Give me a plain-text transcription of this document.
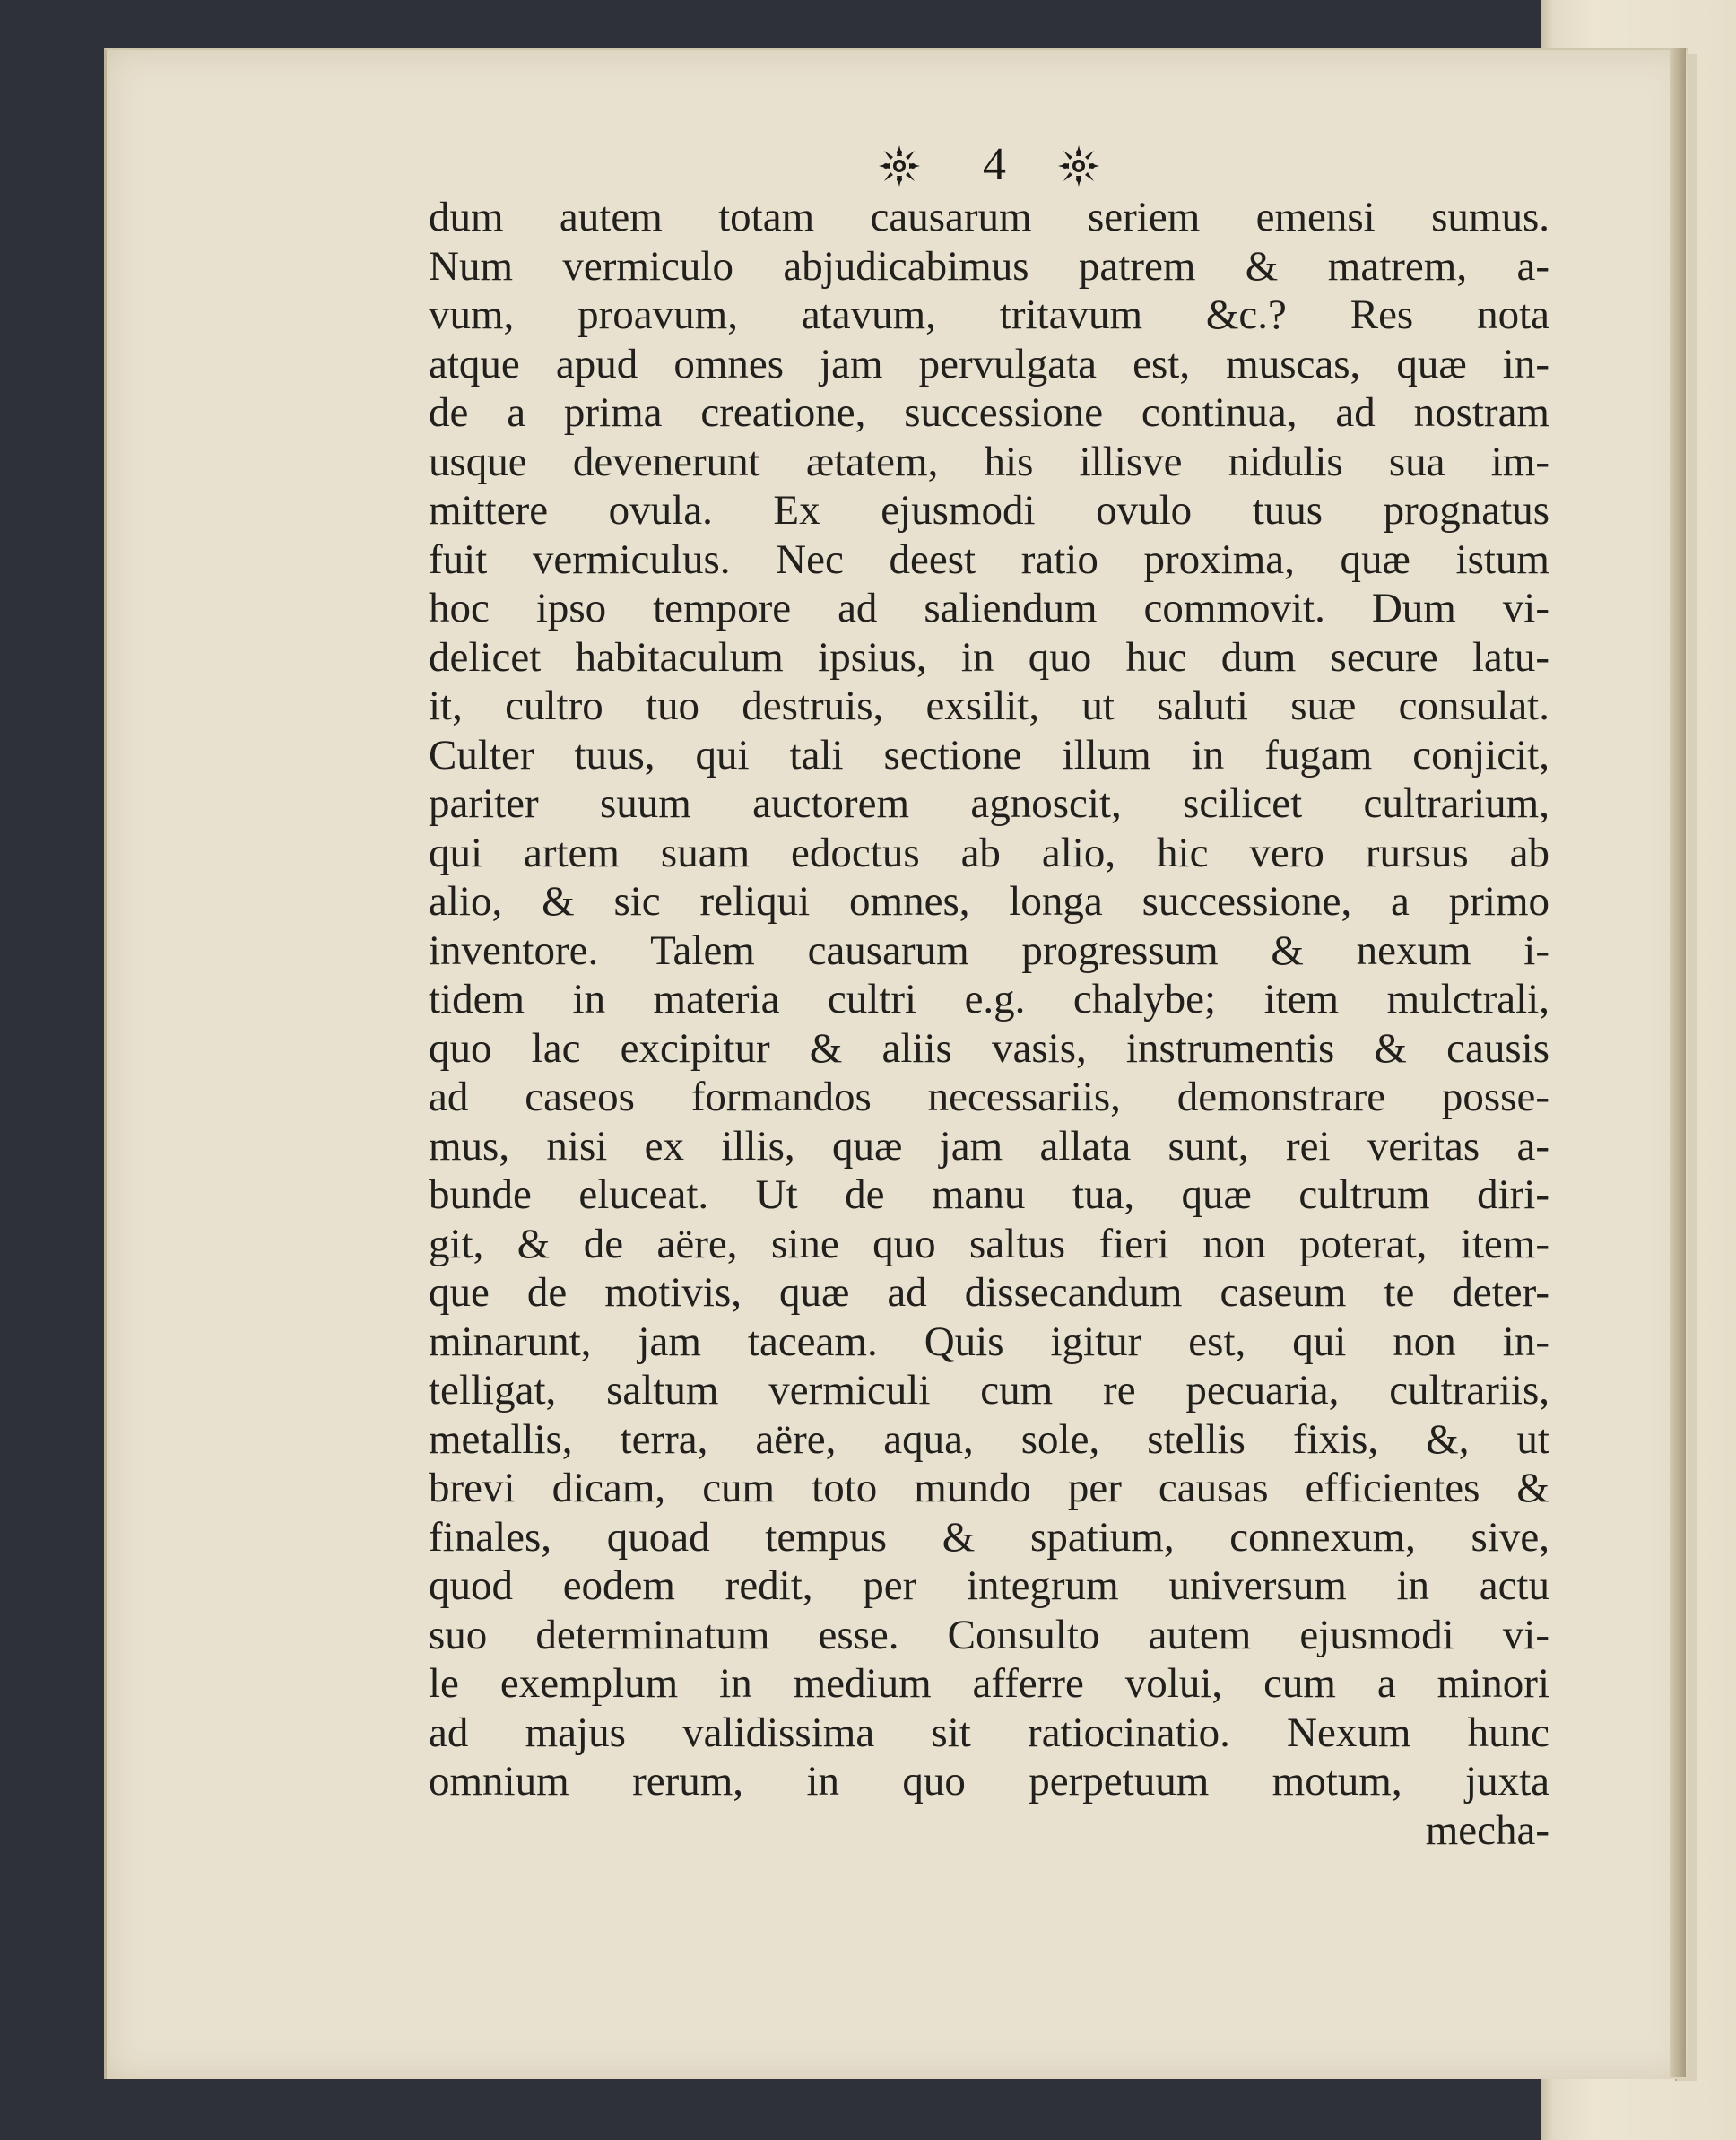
4
dum autem totam causarum seriem emensi sumus.
Num vermiculo abjudicabimus patrem & matrem, a-
vum, proavum, atavum, tritavum &c.? Res nota
atque apud omnes jam pervulgata est, muscas, quæ in-
de a prima creatione, successione continua, ad nostram
usque devenerunt ætatem, his illisve nidulis sua im-
mittere ovula. Ex ejusmodi ovulo tuus prognatus
fuit vermiculus. Nec deest ratio proxima, quæ istum
hoc ipso tempore ad saliendum commovit. Dum vi-
delicet habitaculum ipsius, in quo huc dum secure latu-
it, cultro tuo destruis, exsilit, ut saluti suæ consulat.
Culter tuus, qui tali sectione illum in fugam conjicit,
pariter suum auctorem agnoscit, scilicet cultrarium,
qui artem suam edoctus ab alio, hic vero rursus ab
alio, & sic reliqui omnes, longa successione, a primo
inventore. Talem causarum progressum & nexum i-
tidem in materia cultri e.g. chalybe; item mulctrali,
quo lac excipitur & aliis vasis, instrumentis & causis
ad caseos formandos necessariis, demonstrare posse-
mus, nisi ex illis, quæ jam allata sunt, rei veritas a-
bunde eluceat. Ut de manu tua, quæ cultrum diri-
git, & de aëre, sine quo saltus fieri non poterat, item-
que de motivis, quæ ad dissecandum caseum te deter-
minarunt, jam taceam. Quis igitur est, qui non in-
telligat, saltum vermiculi cum re pecuaria, cultrariis,
metallis, terra, aëre, aqua, sole, stellis fixis, &, ut
brevi dicam, cum toto mundo per causas efficientes &
finales, quoad tempus & spatium, connexum, sive,
quod eodem redit, per integrum universum in actu
suo determinatum esse. Consulto autem ejusmodi vi-
le exemplum in medium afferre volui, cum a minori
ad majus validissima sit ratiocinatio. Nexum hunc
omnium rerum, in quo perpetuum motum, juxta
mecha-
